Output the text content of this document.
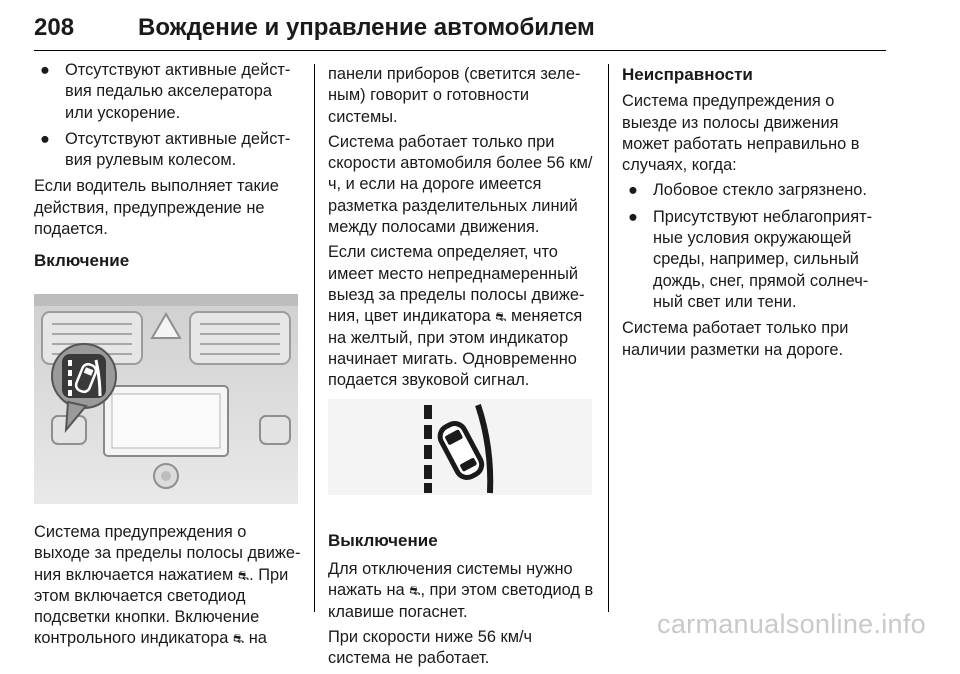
208	Вождение и управление автомобилем
● Отсутствуют активные дейст-вия педалью акселератора или ускорение.
● Отсутствуют активные дейст-вия рулевым колесом.

Если водитель выполняет такие действия, предупреждение не подается.

Включение

Система предупреждения о выходе за пределы полосы движе-ния включается нажатием ⛐. При этом включается светодиод подсветки кнопки. Включение контрольного индикатора ⛐ на

панели приборов (светится зеле-ным) говорит о готовности системы.

Система работает только при скорости автомобиля более 56 км/ч, и если на дороге имеется разметка разделительных линий между полосами движения.

Если система определяет, что имеет место непреднамеренный выезд за пределы полосы движе-ния, цвет индикатора ⛐ меняется на желтый, при этом индикатор начинает мигать. Одновременно подается звуковой сигнал.

Выключение

Для отключения системы нужно нажать на ⛐, при этом светодиод в клавише погаснет.

При скорости ниже 56 км/ч система не работает.

Неисправности

Система предупреждения о выезде из полосы движения может работать неправильно в случаях, когда:

● Лобовое стекло загрязнено.
● Присутствуют неблагоприят-ные условия окружающей среды, например, сильный дождь, снег, прямой солнеч-ный свет или тени.

Система работает только при наличии разметки на дороге.

carmanualsonline.info
